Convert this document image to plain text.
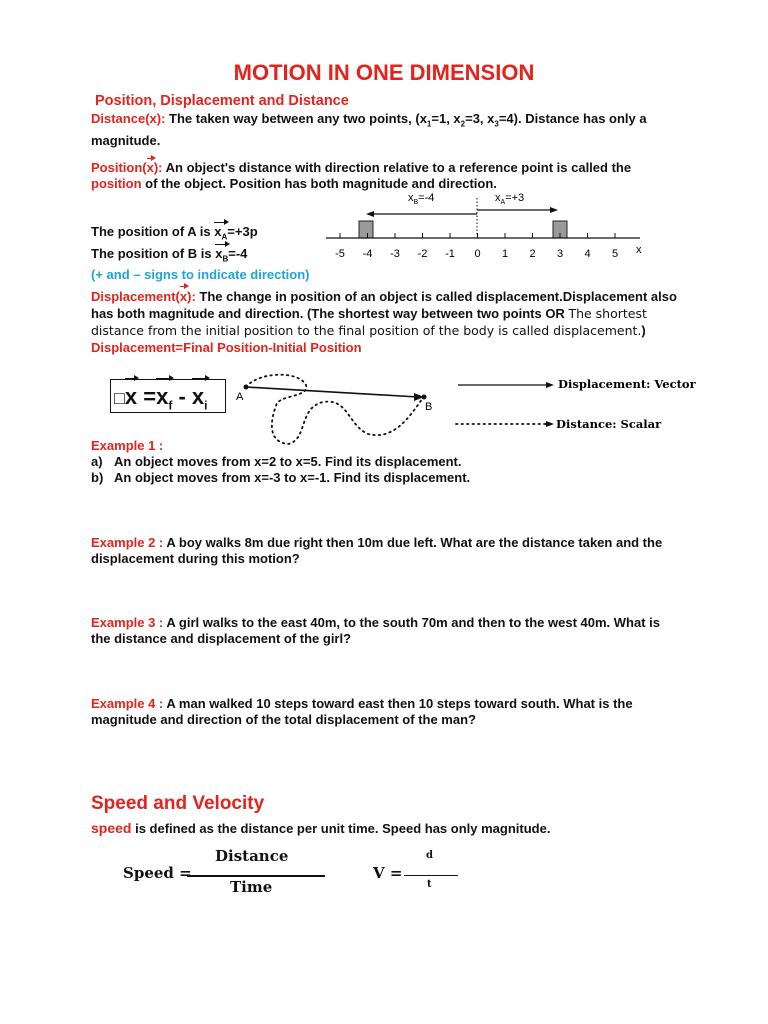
MOTION IN ONE DIMENSION
Position, Displacement and Distance
Distance(x): The taken way between any two points, ($x_1=1$, $x_2=3$, $x_3=4$). Distance has only a
magnitude.
Position(x): An object's distance with direction relative to a reference point is called the
position of the object. Position has both magnitude and direction.
$x_B=-4$	$x_A=+3$
-5 -4 -3 -2 -1 0 1 2 3 4 5 x
The position of A is $x_A=+3p$
The position of B is $x_B=-4$
(+ and – signs to indicate direction)
Displacement(x): The change in position of an object is called displacement.Displacement also
has both magnitude and direction. (The shortest way between two points OR The shortest
distance from the initial position to the final position of the body is called displacement.)
Displacement=Final Position-Initial Position
□x $=x_f - x_i$
A
B
Displacement: Vector
Distance: Scalar
Example 1 :
a) An object moves from x=2 to x=5. Find its displacement.
b) An object moves from x=-3 to x=-1. Find its displacement.
Example 2 : A boy walks 8m due right then 10m due left. What are the distance taken and the
displacement during this motion?
Example 3 : A girl walks to the east 40m, to the south 70m and then to the west 40m. What is
the distance and displacement of the girl?
Example 4 : A man walked 10 steps toward east then 10 steps toward south. What is the
magnitude and direction of the total displacement of the man?
Speed and Velocity
speed is defined as the distance per unit time. Speed has only magnitude.
Speed =
Distance
Time
V =
d
t
